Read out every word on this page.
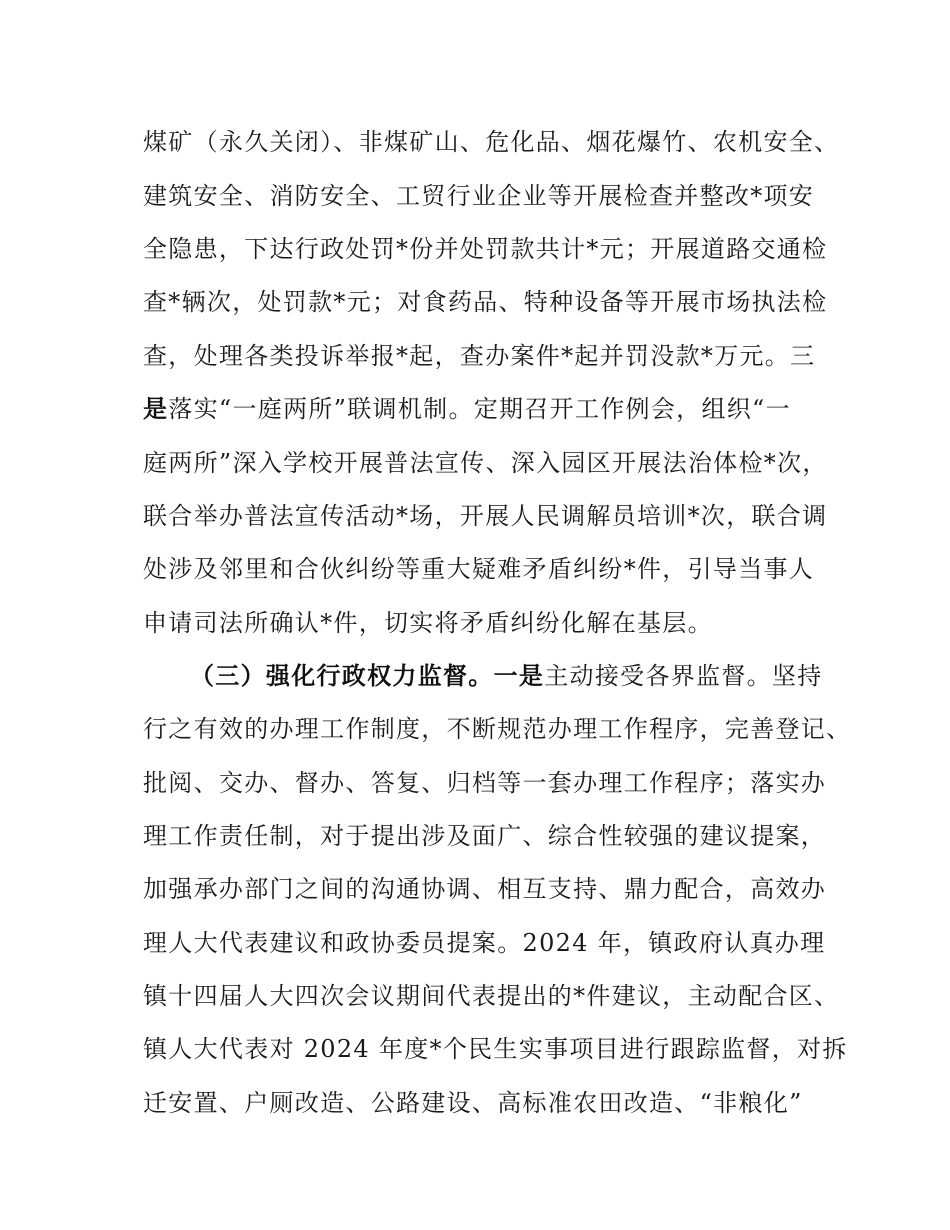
煤矿（永久关闭）、非煤矿山、危化品、烟花爆竹、农机安全、
建筑安全、消防安全、工贸行业企业等开展检查并整改*项安
全隐患，下达行政处罚*份并处罚款共计*元；开展道路交通检
查*辆次，处罚款*元；对食药品、特种设备等开展市场执法检
查，处理各类投诉举报*起，查办案件*起并罚没款*万元。三
是落实“一庭两所”联调机制。定期召开工作例会，组织“一
庭两所”深入学校开展普法宣传、深入园区开展法治体检*次，
联合举办普法宣传活动*场，开展人民调解员培训*次，联合调
处涉及邻里和合伙纠纷等重大疑难矛盾纠纷*件，引导当事人
申请司法所确认*件，切实将矛盾纠纷化解在基层。
（三）强化行政权力监督。一是主动接受各界监督。坚持
行之有效的办理工作制度，不断规范办理工作程序，完善登记、
批阅、交办、督办、答复、归档等一套办理工作程序；落实办
理工作责任制，对于提出涉及面广、综合性较强的建议提案，
加强承办部门之间的沟通协调、相互支持、鼎力配合，高效办
理人大代表建议和政协委员提案。2024 年，镇政府认真办理
镇十四届人大四次会议期间代表提出的*件建议，主动配合区、
镇人大代表对 2024 年度*个民生实事项目进行跟踪监督，对拆
迁安置、户厕改造、公路建设、高标准农田改造、“非粮化”
